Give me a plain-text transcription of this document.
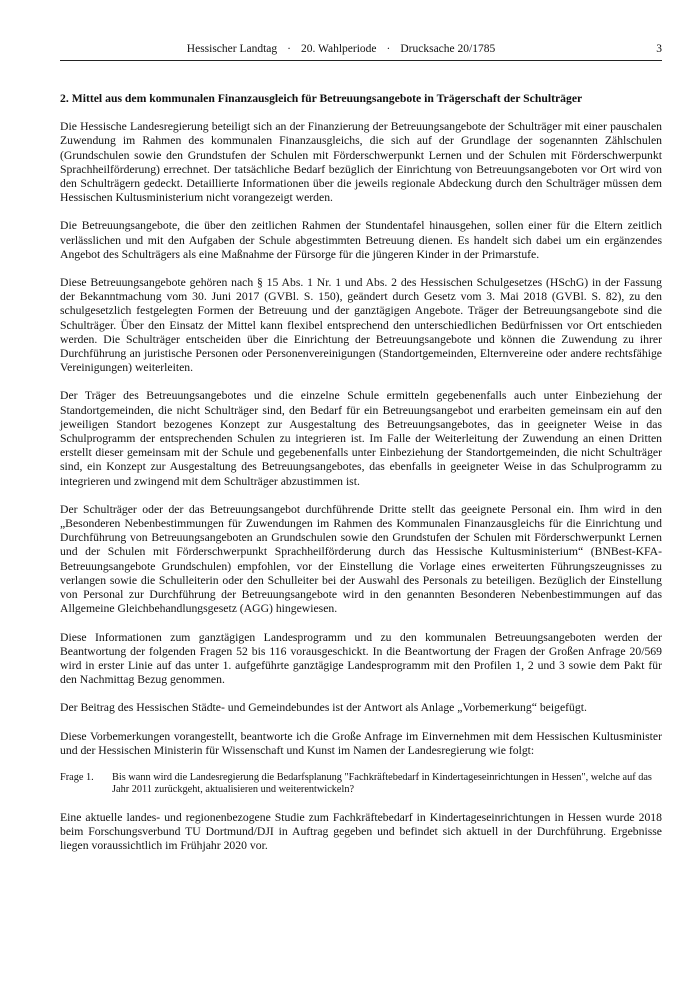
Hessischer Landtag · 20. Wahlperiode · Drucksache 20/1785	3

2. Mittel aus dem kommunalen Finanzausgleich für Betreuungsangebote in Trägerschaft der Schulträger

Die Hessische Landesregierung beteiligt sich an der Finanzierung der Betreuungsangebote der Schulträger mit einer pauschalen Zuwendung im Rahmen des kommunalen Finanzausgleichs, die sich auf der Grundlage der sogenannten Zählschulen (Grundschulen sowie den Grundstufen der Schulen mit Förderschwerpunkt Lernen und der Schulen mit Förderschwerpunkt Sprachheilförderung) errechnet. Der tatsächliche Bedarf bezüglich der Einrichtung von Betreuungsangeboten vor Ort wird von den Schulträgern gedeckt. Detaillierte Informationen über die jeweils regionale Abdeckung durch den Schulträger müssen dem Hessischen Kultusministerium nicht vorangezeigt werden.

Die Betreuungsangebote, die über den zeitlichen Rahmen der Stundentafel hinausgehen, sollen einer für die Eltern zeitlich verlässlichen und mit den Aufgaben der Schule abgestimmten Betreuung dienen. Es handelt sich dabei um ein ergänzendes Angebot des Schulträgers als eine Maßnahme der Fürsorge für die jüngeren Kinder in der Primarstufe.

Diese Betreuungsangebote gehören nach § 15 Abs. 1 Nr. 1 und Abs. 2 des Hessischen Schulgesetzes (HSchG) in der Fassung der Bekanntmachung vom 30. Juni 2017 (GVBl. S. 150), geändert durch Gesetz vom 3. Mai 2018 (GVBl. S. 82), zu den schulgesetzlich festgelegten Formen der Betreuung und der ganztägigen Angebote. Träger der Betreuungsangebote sind die Schulträger. Über den Einsatz der Mittel kann flexibel entsprechend den unterschiedlichen Bedürfnissen vor Ort entschieden werden. Die Schulträger entscheiden über die Einrichtung der Betreuungsangebote und können die Zuwendung zu ihrer Durchführung an juristische Personen oder Personenvereinigungen (Standortgemeinden, Elternvereine oder andere rechtsfähige Vereinigungen) weiterleiten.

Der Träger des Betreuungsangebotes und die einzelne Schule ermitteln gegebenenfalls auch unter Einbeziehung der Standortgemeinden, die nicht Schulträger sind, den Bedarf für ein Betreuungsangebot und erarbeiten gemeinsam ein auf den jeweiligen Standort bezogenes Konzept zur Ausgestaltung des Betreuungsangebotes, das in geeigneter Weise in das Schulprogramm der entsprechenden Schulen zu integrieren ist. Im Falle der Weiterleitung der Zuwendung an einen Dritten erstellt dieser gemeinsam mit der Schule und gegebenenfalls unter Einbeziehung der Standortgemeinden, die nicht Schulträger sind, ein Konzept zur Ausgestaltung des Betreuungsangebotes, das ebenfalls in geeigneter Weise in das Schulprogramm zu integrieren und zwingend mit dem Schulträger abzustimmen ist.

Der Schulträger oder der das Betreuungsangebot durchführende Dritte stellt das geeignete Personal ein. Ihm wird in den „Besonderen Nebenbestimmungen für Zuwendungen im Rahmen des Kommunalen Finanzausgleichs für die Einrichtung und Durchführung von Betreuungsangeboten an Grundschulen sowie den Grundstufen der Schulen mit Förderschwerpunkt Lernen und der Schulen mit Förderschwerpunkt Sprachheilförderung durch das Hessische Kultusministerium“ (BNBest-KFA-Betreuungsangebote Grundschulen) empfohlen, vor der Einstellung die Vorlage eines erweiterten Führungszeugnisses zu verlangen sowie die Schulleiterin oder den Schulleiter bei der Auswahl des Personals zu beteiligen. Bezüglich der Einstellung von Personal zur Durchführung der Betreuungsangebote wird in den genannten Besonderen Nebenbestimmungen auf das Allgemeine Gleichbehandlungsgesetz (AGG) hingewiesen.

Diese Informationen zum ganztägigen Landesprogramm und zu den kommunalen Betreuungsangeboten werden der Beantwortung der folgenden Fragen 52 bis 116 vorausgeschickt. In die Beantwortung der Fragen der Großen Anfrage 20/569 wird in erster Linie auf das unter 1. aufgeführte ganztägige Landesprogramm mit den Profilen 1, 2 und 3 sowie dem Pakt für den Nachmittag Bezug genommen.

Der Beitrag des Hessischen Städte- und Gemeindebundes ist der Antwort als Anlage „Vorbemerkung“ beigefügt.

Diese Vorbemerkungen vorangestellt, beantworte ich die Große Anfrage im Einvernehmen mit dem Hessischen Kultusminister und der Hessischen Ministerin für Wissenschaft und Kunst im Namen der Landesregierung wie folgt:

Frage 1.	Bis wann wird die Landesregierung die Bedarfsplanung "Fachkräftebedarf in Kindertageseinrichtungen in Hessen", welche auf das Jahr 2011 zurückgeht, aktualisieren und weiterentwickeln?

Eine aktuelle landes- und regionenbezogene Studie zum Fachkräftebedarf in Kindertageseinrichtungen in Hessen wurde 2018 beim Forschungsverbund TU Dortmund/DJI in Auftrag gegeben und befindet sich aktuell in der Durchführung. Ergebnisse liegen voraussichtlich im Frühjahr 2020 vor.
